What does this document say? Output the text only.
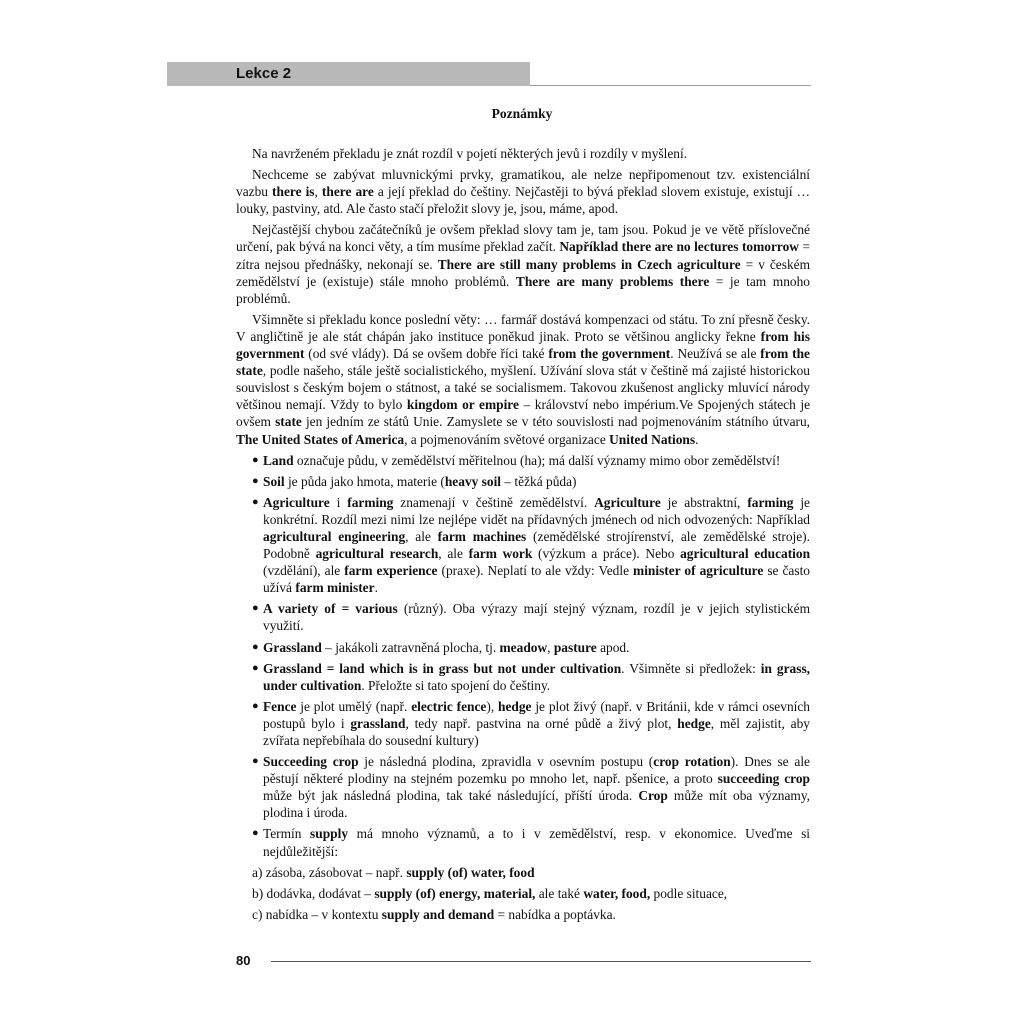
Lekce 2
Poznámky

Na navrženém překladu je znát rozdíl v pojetí některých jevů i rozdíly v myšlení.

Nechceme se zabývat mluvnickými prvky, gramatikou, ale nelze nepřipomenout tzv. existenciální vazbu there is, there are a její překlad do češtiny. Nejčastěji to bývá překlad slovem existuje, existují … louky, pastviny, atd. Ale často stačí přeložit slovy je, jsou, máme, apod.

Nejčastější chybou začátečníků je ovšem překlad slovy tam je, tam jsou. Pokud je ve větě příslovečné určení, pak bývá na konci věty, a tím musíme překlad začít. Například there are no lectures tomorrow = zítra nejsou přednášky, nekonají se. There are still many problems in Czech agriculture = v českém zemědělství je (existuje) stále mnoho problémů. There are many problems there = je tam mnoho problémů.

Všimněte si překladu konce poslední věty: … farmář dostává kompenzaci od státu. To zní přesně česky. V angličtině je ale stát chápán jako instituce poněkud jinak. Proto se většinou anglicky řekne from his government (od své vlády). Dá se ovšem dobře říci také from the government. Neužívá se ale from the state, podle našeho, stále ještě socialistického, myšlení. Užívání slova stát v češtině má zajisté historickou souvislost s českým bojem o státnost, a také se socialismem. Takovou zkušenost anglicky mluvící národy většinou nemají. Vždy to bylo kingdom or empire – království nebo impérium.Ve Spojených státech je ovšem state jen jedním ze států Unie. Zamyslete se v této souvislosti nad pojmenováním státního útvaru, The United States of America, a pojmenováním světové organizace United Nations.

● Land označuje půdu, v zemědělství měřitelnou (ha); má další významy mimo obor zemědělství!
● Soil je půda jako hmota, materie (heavy soil – těžká půda)
● Agriculture i farming znamenají v češtině zemědělství. Agriculture je abstraktní, farming je konkrétní. Rozdíl mezi nimi lze nejlépe vidět na přídavných jménech od nich odvozených: Například agricultural engineering, ale farm machines (zemědělské strojírenství, ale zemědělské stroje). Podobně agricultural research, ale farm work (výzkum a práce). Nebo agricultural education (vzdělání), ale farm experience (praxe). Neplatí to ale vždy: Vedle minister of agriculture se často užívá farm minister.
● A variety of = various (různý). Oba výrazy mají stejný význam, rozdíl je v jejich stylistickém využití.
● Grassland – jakákoli zatravněná plocha, tj. meadow, pasture apod.
● Grassland = land which is in grass but not under cultivation. Všimněte si předložek: in grass, under cultivation. Přeložte si tato spojení do češtiny.
● Fence je plot umělý (např. electric fence), hedge je plot živý (např. v Británii, kde v rámci osevních postupů bylo i grassland, tedy např. pastvina na orné půdě a živý plot, hedge, měl zajistit, aby zvířata nepřebíhala do sousední kultury)
● Succeeding crop je následná plodina, zpravidla v osevním postupu (crop rotation). Dnes se ale pěstují některé plodiny na stejném pozemku po mnoho let, např. pšenice, a proto succeeding crop může být jak následná plodina, tak také následující, příští úroda. Crop může mít oba významy, plodina i úroda.
● Termín supply má mnoho významů, a to i v zemědělství, resp. v ekonomice. Uveďme si nejdůležitější:
a) zásoba, zásobovat – např. supply (of) water, food
b) dodávka, dodávat – supply (of) energy, material, ale také water, food, podle situace,
c) nabídka – v kontextu supply and demand = nabídka a poptávka.
80
